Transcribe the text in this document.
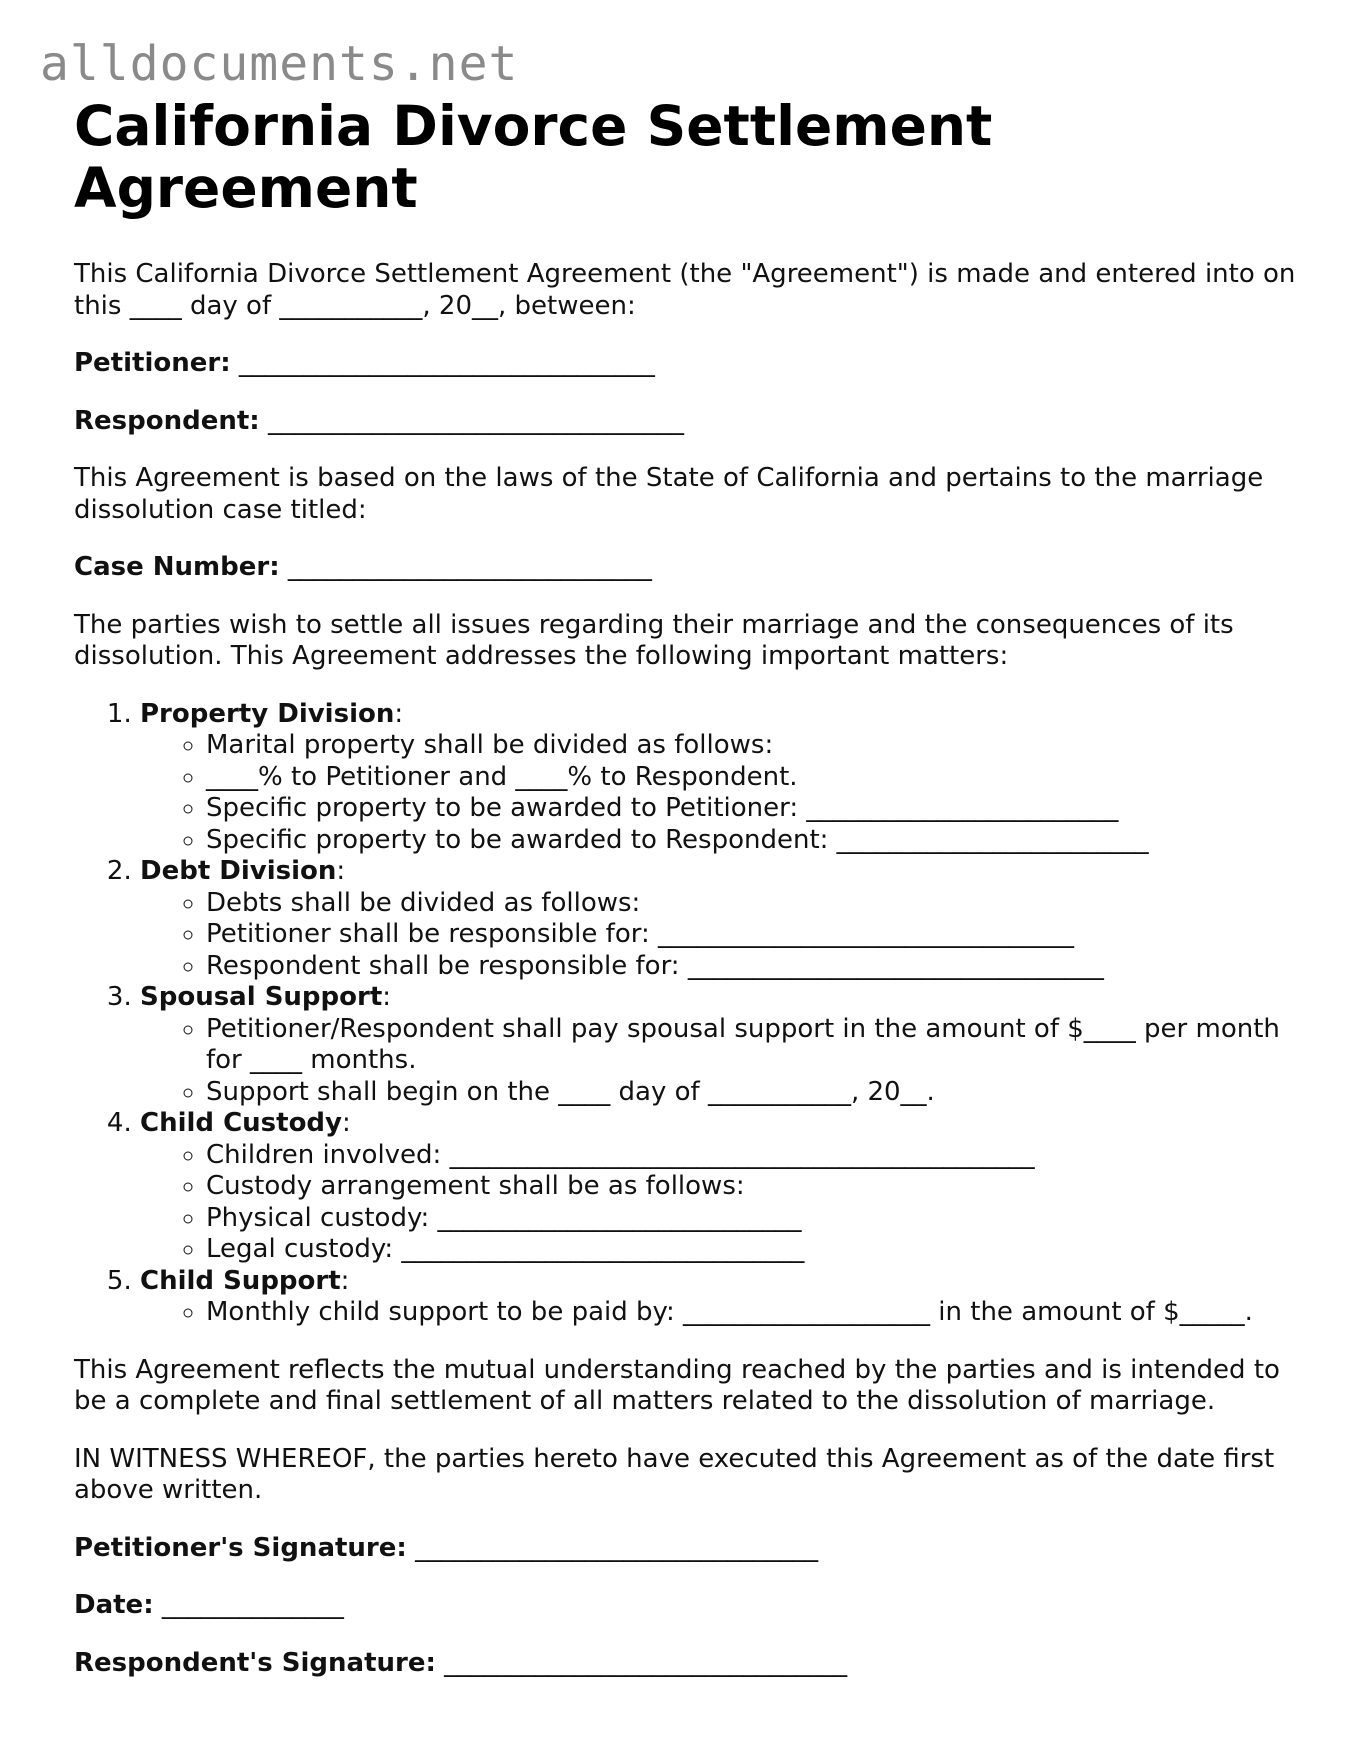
alldocuments.net
California Divorce Settlement Agreement

This California Divorce Settlement Agreement (the "Agreement") is made and entered into on this ____ day of ___________, 20__, between:

Petitioner: ________________________________

Respondent: ________________________________

This Agreement is based on the laws of the State of California and pertains to the marriage dissolution case titled:

Case Number: ____________________________

The parties wish to settle all issues regarding their marriage and the consequences of its dissolution. This Agreement addresses the following important matters:

1. Property Division:
◦ Marital property shall be divided as follows:
◦ ____% to Petitioner and ____% to Respondent.
◦ Specific property to be awarded to Petitioner: ________________________
◦ Specific property to be awarded to Respondent: ________________________
2. Debt Division:
◦ Debts shall be divided as follows:
◦ Petitioner shall be responsible for: ________________________________
◦ Respondent shall be responsible for: ________________________________
3. Spousal Support:
◦ Petitioner/Respondent shall pay spousal support in the amount of $____ per month for ____ months.
◦ Support shall begin on the ____ day of ___________, 20__.
4. Child Custody:
◦ Children involved: _____________________________________________
◦ Custody arrangement shall be as follows:
◦ Physical custody: ____________________________
◦ Legal custody: _______________________________
5. Child Support:
◦ Monthly child support to be paid by: ___________________ in the amount of $_____.

This Agreement reflects the mutual understanding reached by the parties and is intended to be a complete and final settlement of all matters related to the dissolution of marriage.

IN WITNESS WHEREOF, the parties hereto have executed this Agreement as of the date first above written.

Petitioner's Signature: _______________________________

Date: ______________

Respondent's Signature: _______________________________
